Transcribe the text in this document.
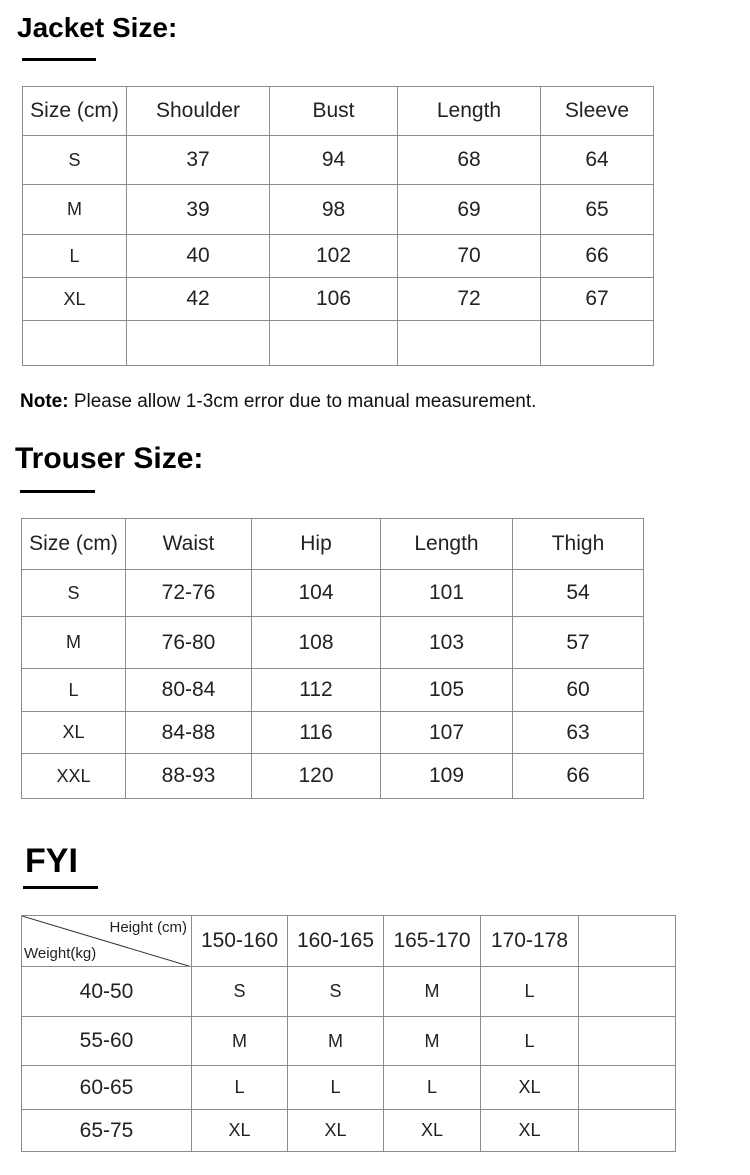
Jacket Size:
Size (cm)	Shoulder	Bust	Length	Sleeve
S	37	94	68	64
M	39	98	69	65
L	40	102	70	66
XL	42	106	72	67

Note: Please allow 1-3cm error due to manual measurement.
Trouser Size:
Size (cm)	Waist	Hip	Length	Thigh
S	72-76	104	101	54
M	76-80	108	103	57
L	80-84	112	105	60
XL	84-88	116	107	63
XXL	88-93	120	109	66
FYI
Height (cm)
Weight(kg)	150-160	160-165	165-170	170-178	
40-50	S	S	M	L	
55-60	M	M	M	L	
60-65	L	L	L	XL	
65-75	XL	XL	XL	XL	
